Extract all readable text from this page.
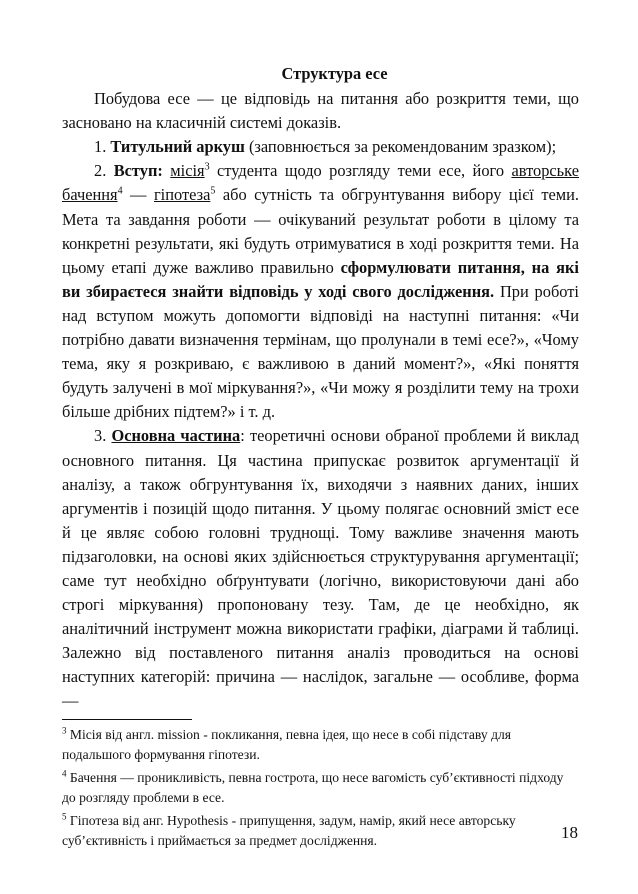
Структура есе

Побудова есе — це відповідь на питання або розкриття теми, що засновано на класичній системі доказів.

1. Титульний аркуш (заповнюється за рекомендованим зразком);

2. Вступ: місія$^3$ студента щодо розгляду теми есе, його авторське бачення$^4$ — гіпотеза$^5$ або сутність та обгрунтування вибору цієї теми. Мета та завдання роботи — очікуваний результат роботи в цілому та конкретні результати, які будуть отримуватися в ході розкриття теми. На цьому етапі дуже важливо правильно сформулювати питання, на які ви збираєтеся знайти відповідь у ході свого дослідження. При роботі над вступом можуть допомогти відповіді на наступні питання: «Чи потрібно давати визначення термінам, що пролунали в темі есе?», «Чому тема, яку я розкриваю, є важливою в даний момент?», «Які поняття будуть залучені в мої міркування?», «Чи можу я розділити тему на трохи більше дрібних підтем?» і т. д.

3. Основна частина: теоретичні основи обраної проблеми й виклад основного питання. Ця частина припускає розвиток аргументації й аналізу, а також обгрунтування їх, виходячи з наявних даних, інших аргументів і позицій щодо питання. У цьому полягає основний зміст есе й це являє собою головні труднощі. Тому важливе значення мають підзаголовки, на основі яких здійснюється структурування аргументації; саме тут необхідно обґрунтувати (логічно, використовуючи дані або строгі міркування) пропоновану тезу. Там, де це необхідно, як аналітичний інструмент можна використати графіки, діаграми й таблиці. Залежно від поставленого питання аналіз проводиться на основі наступних категорій: причина — наслідок, загальне — особливе, форма —

$^3$ Місія від англ. mission - покликання, певна ідея, що несе в собі підставу для подальшого формування гіпотези.

$^4$ Бачення — проникливість, певна гострота, що несе вагомість суб’єктивності підходу до розгляду проблеми в есе.

$^5$ Гіпотеза від анг. Hypothesis - припущення, задум, намір, який несе авторську суб’єктивність і приймається за предмет дослідження.	18
